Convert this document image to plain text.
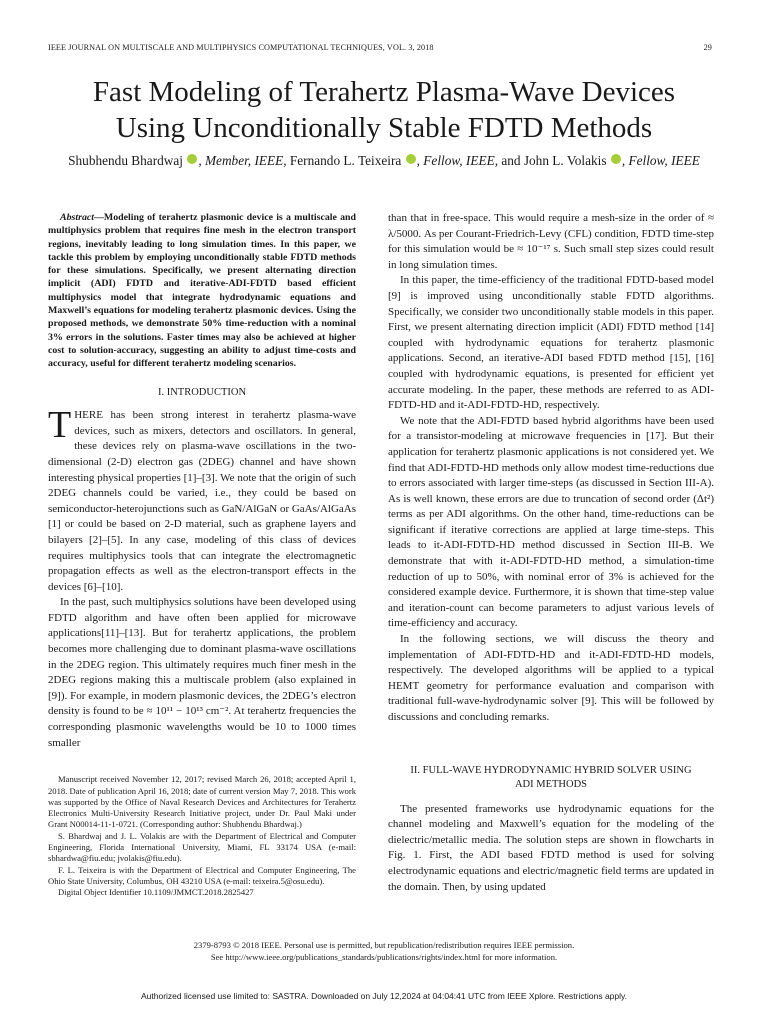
IEEE JOURNAL ON MULTISCALE AND MULTIPHYSICS COMPUTATIONAL TECHNIQUES, VOL. 3, 2018	29
Fast Modeling of Terahertz Plasma-Wave Devices
Using Unconditionally Stable FDTD Methods
Shubhendu Bhardwaj , Member, IEEE, Fernando L. Teixeira , Fellow, IEEE, and John L. Volakis , Fellow, IEEE

Abstract—Modeling of terahertz plasmonic device is a multiscale and multiphysics problem that requires fine mesh in the electron transport regions, inevitably leading to long simulation times. In this paper, we tackle this problem by employing unconditionally stable FDTD methods for these simulations. Specifically, we present alternating direction implicit (ADI) FDTD and iterative-ADI-FDTD based efficient multiphysics model that integrate hydrodynamic equations and Maxwell’s equations for modeling terahertz plasmonic devices. Using the proposed methods, we demonstrate 50% time-reduction with a nominal 3% errors in the solutions. Faster times may also be achieved at higher cost to solution-accuracy, suggesting an ability to adjust time-costs and accuracy, useful for different terahertz modeling scenarios.

I. INTRODUCTION

THERE has been strong interest in terahertz plasma-wave devices, such as mixers, detectors and oscillators. In general, these devices rely on plasma-wave oscillations in the two-dimensional (2-D) electron gas (2DEG) channel and have shown interesting physical properties [1]–[3]. We note that the origin of such 2DEG channels could be varied, i.e., they could be based on semiconductor-heterojunctions such as GaN/AlGaN or GaAs/AlGaAs [1] or could be based on 2-D material, such as graphene layers and bilayers [2]–[5]. In any case, modeling of this class of devices requires multiphysics tools that can integrate the electromagnetic propagation effects as well as the electron-transport effects in the devices [6]–[10].

In the past, such multiphysics solutions have been developed using FDTD algorithm and have often been applied for microwave applications[11]–[13]. But for terahertz applications, the problem becomes more challenging due to dominant plasma-wave oscillations in the 2DEG region. This ultimately requires much finer mesh in the 2DEG regions making this a multiscale problem (also explained in [9]). For example, in modern plasmonic devices, the 2DEG’s electron density is found to be ≈ 10¹¹ − 10¹³ cm⁻². At terahertz frequencies the corresponding plasmonic wavelengths would be 10 to 1000 times smaller

Manuscript received November 12, 2017; revised March 26, 2018; accepted April 1, 2018. Date of publication April 16, 2018; date of current version May 7, 2018. This work was supported by the Office of Naval Research Devices and Architectures for Terahertz Electronics Multi-University Research Initiative project, under Dr. Paul Maki under Grant N00014-11-1-0721. (Corresponding author: Shubhendu Bhardwaj.)

S. Bhardwaj and J. L. Volakis are with the Department of Electrical and Computer Engineering, Florida International University, Miami, FL 33174 USA (e-mail: sbhardwa@fiu.edu; jvolakis@fiu.edu).

F. L. Teixeira is with the Department of Electrical and Computer Engineering, The Ohio State University, Columbus, OH 43210 USA (e-mail: teixeira.5@osu.edu).

Digital Object Identifier 10.1109/JMMCT.2018.2825427

than that in free-space. This would require a mesh-size in the order of ≈ λ/5000. As per Courant-Friedrich-Levy (CFL) condition, FDTD time-step for this simulation would be ≈ 10⁻¹⁷ s. Such small step sizes could result in long simulation times.

In this paper, the time-efficiency of the traditional FDTD-based model [9] is improved using unconditionally stable FDTD algorithms. Specifically, we consider two unconditionally stable models in this paper. First, we present alternating direction implicit (ADI) FDTD method [14] coupled with hydrodynamic equations for terahertz plasmonic applications. Second, an iterative-ADI based FDTD method [15], [16] coupled with hydrodynamic equations, is presented for efficient yet accurate modeling. In the paper, these methods are referred to as ADI-FDTD-HD and it-ADI-FDTD-HD, respectively.

We note that the ADI-FDTD based hybrid algorithms have been used for a transistor-modeling at microwave frequencies in [17]. But their application for terahertz plasmonic applications is not considered yet. We find that ADI-FDTD-HD methods only allow modest time-reductions due to errors associated with larger time-steps (as discussed in Section III-A). As is well known, these errors are due to truncation of second order (Δt²) terms as per ADI algorithms. On the other hand, time-reductions can be significant if iterative corrections are applied at large time-steps. This leads to it-ADI-FDTD-HD method discussed in Section III-B. We demonstrate that with it-ADI-FDTD-HD method, a simulation-time reduction of up to 50%, with nominal error of 3% is achieved for the considered example device. Furthermore, it is shown that time-step value and iteration-count can become parameters to adjust various levels of time-efficiency and accuracy.

In the following sections, we will discuss the theory and implementation of ADI-FDTD-HD and it-ADI-FDTD-HD models, respectively. The developed algorithms will be applied to a typical HEMT geometry for performance evaluation and comparison with traditional full-wave-hydrodynamic solver [9]. This will be followed by discussions and concluding remarks.

II. FULL-WAVE HYDRODYNAMIC HYBRID SOLVER USING
ADI METHODS

The presented frameworks use hydrodynamic equations for the channel modeling and Maxwell’s equation for the modeling of the dielectric/metallic media. The solution steps are shown in flowcharts in Fig. 1. First, the ADI based FDTD method is used for solving electrodynamic equations and electric/magnetic field terms are updated in the domain. Then, by using updated

2379-8793 © 2018 IEEE. Personal use is permitted, but republication/redistribution requires IEEE permission.
See http://www.ieee.org/publications_standards/publications/rights/index.html for more information.
Authorized licensed use limited to: SASTRA. Downloaded on July 12,2024 at 04:04:41 UTC from IEEE Xplore. Restrictions apply.
